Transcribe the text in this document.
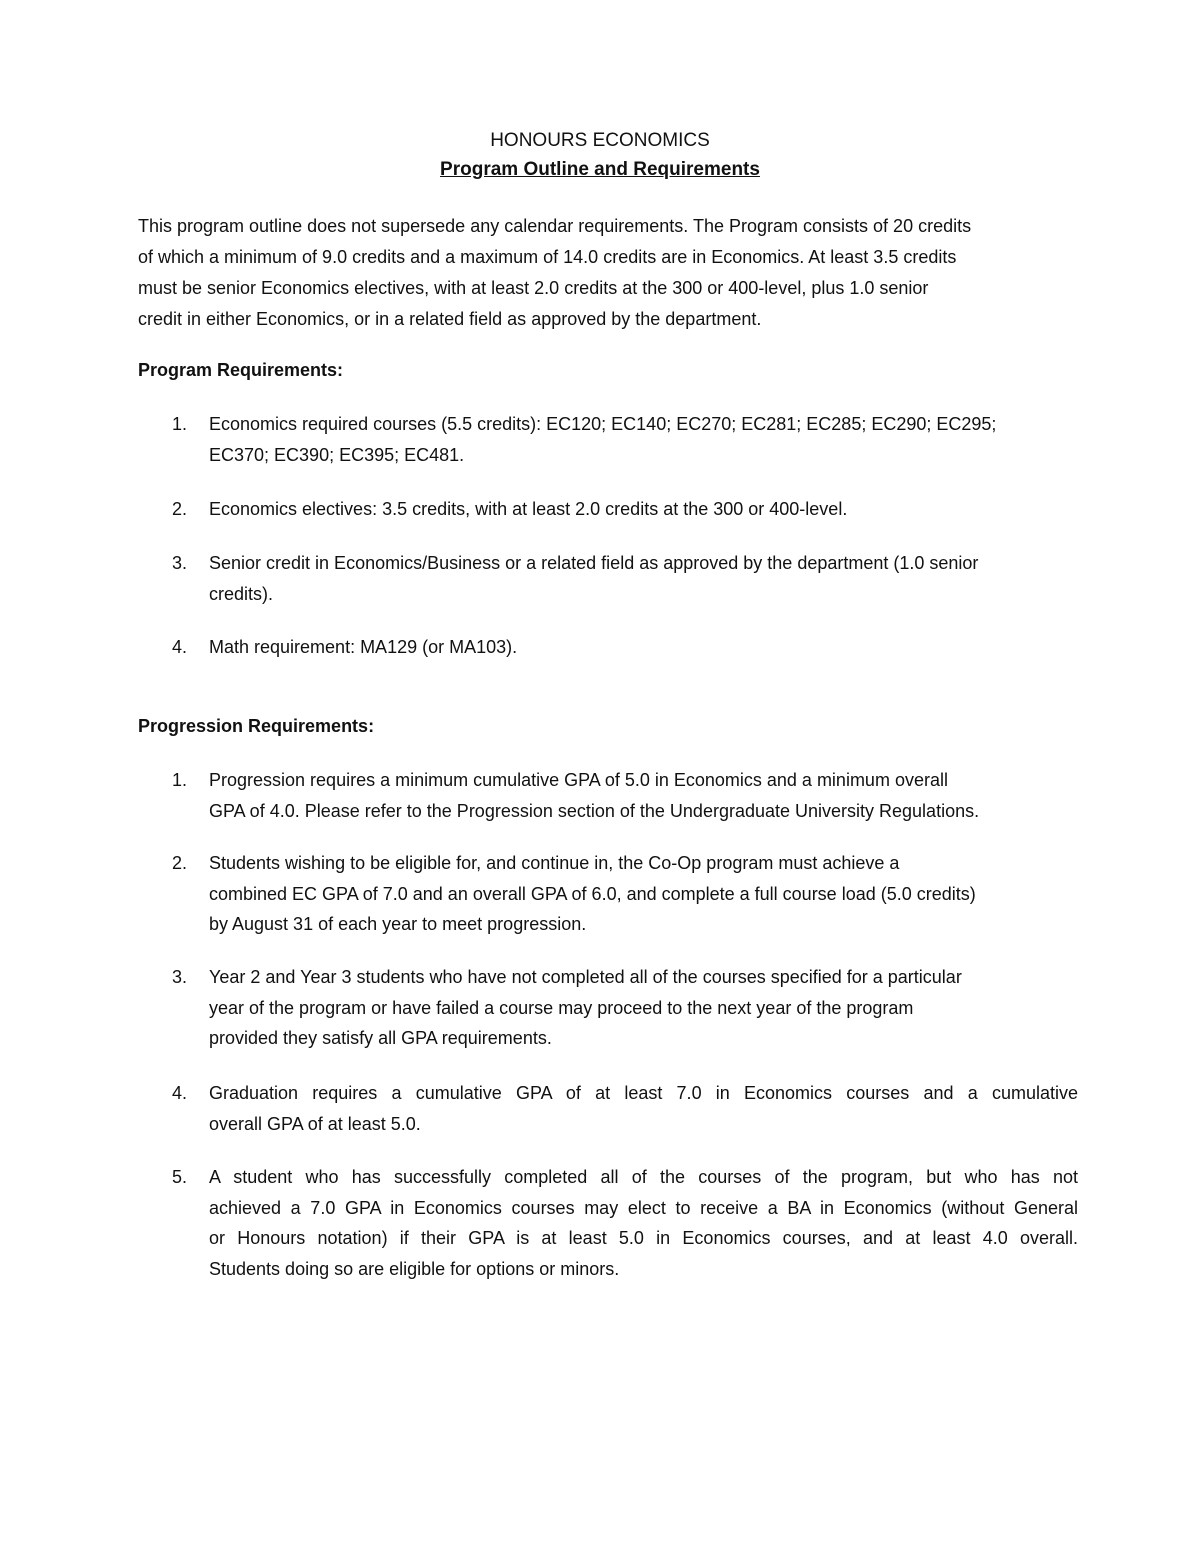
HONOURS ECONOMICS
Program Outline and Requirements
This program outline does not supersede any calendar requirements. The Program consists of 20 credits
of which a minimum of 9.0 credits and a maximum of 14.0 credits are in Economics. At least 3.5 credits
must be senior Economics electives, with at least 2.0 credits at the 300 or 400-level, plus 1.0 senior
credit in either Economics, or in a related field as approved by the department.
Program Requirements:
1.	Economics required courses (5.5 credits): EC120; EC140; EC270; EC281; EC285; EC290; EC295;
EC370; EC390; EC395; EC481.
2.	Economics electives: 3.5 credits, with at least 2.0 credits at the 300 or 400-level.
3.	Senior credit in Economics/Business or a related field as approved by the department (1.0 senior
credits).
4.	Math requirement: MA129 (or MA103).
Progression Requirements:
1.	Progression requires a minimum cumulative GPA of 5.0 in Economics and a minimum overall
GPA of 4.0. Please refer to the Progression section of the Undergraduate University Regulations.
2.	Students wishing to be eligible for, and continue in, the Co-Op program must achieve a
combined EC GPA of 7.0 and an overall GPA of 6.0, and complete a full course load (5.0 credits)
by August 31 of each year to meet progression.
3.	Year 2 and Year 3 students who have not completed all of the courses specified for a particular
year of the program or have failed a course may proceed to the next year of the program
provided they satisfy all GPA requirements.
4.	Graduation requires a cumulative GPA of at least 7.0 in Economics courses and a cumulative
overall GPA of at least 5.0.
5.	A student who has successfully completed all of the courses of the program, but who has not
achieved a 7.0 GPA in Economics courses may elect to receive a BA in Economics (without General
or Honours notation) if their GPA is at least 5.0 in Economics courses, and at least 4.0 overall.
Students doing so are eligible for options or minors.
